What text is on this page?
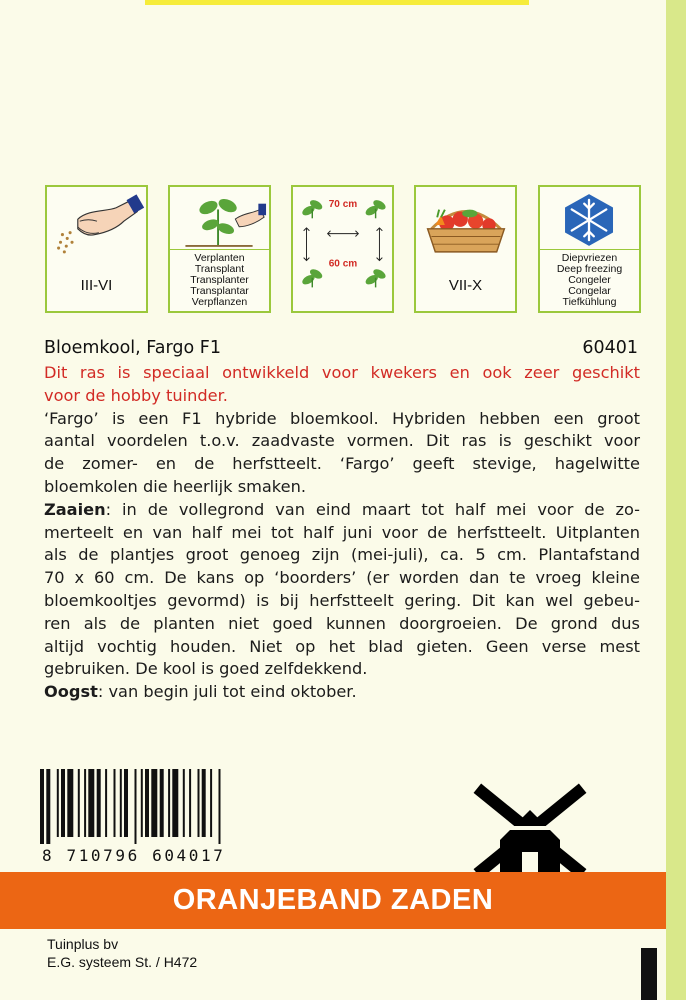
III-VI
Verplanten
Transplant
Transplanter
Transplantar
Verpflanzen
70 cm
60 cm
VII-X
Diepvriezen
Deep freezing
Congeler
Congelar
Tiefkühlung
Bloemkool, Fargo F1	60401

Dit ras is speciaal ontwikkeld voor kwekers en ook zeer geschikt

voor de hobby tuinder.

‘Fargo’ is een F1 hybride bloemkool. Hybriden hebben een groot

aantal voordelen t.o.v. zaadvaste vormen. Dit ras is geschikt voor

de zomer- en de herfstteelt. ‘Fargo’ geeft stevige, hagelwitte

bloemkolen die heerlijk smaken.

Zaaien: in de vollegrond van eind maart tot half mei voor de zo-

merteelt en van half mei tot half juni voor de herfstteelt. Uitplanten

als de plantjes groot genoeg zijn (mei-juli), ca. 5 cm. Plantafstand

70 x 60 cm. De kans op ‘boorders’ (er worden dan te vroeg kleine

bloemkooltjes gevormd) is bij herfstteelt gering. Dit kan wel gebeu-

ren als de planten niet goed kunnen doorgroeien. De grond dus

altijd vochtig houden. Niet op het blad gieten. Geen verse mest

gebruiken. De kool is goed zelfdekkend.

Oogst: van begin juli tot eind oktober.

8 710796 604017
ORANJEBAND ZADEN
Tuinplus bv
E.G. systeem St. / H472
